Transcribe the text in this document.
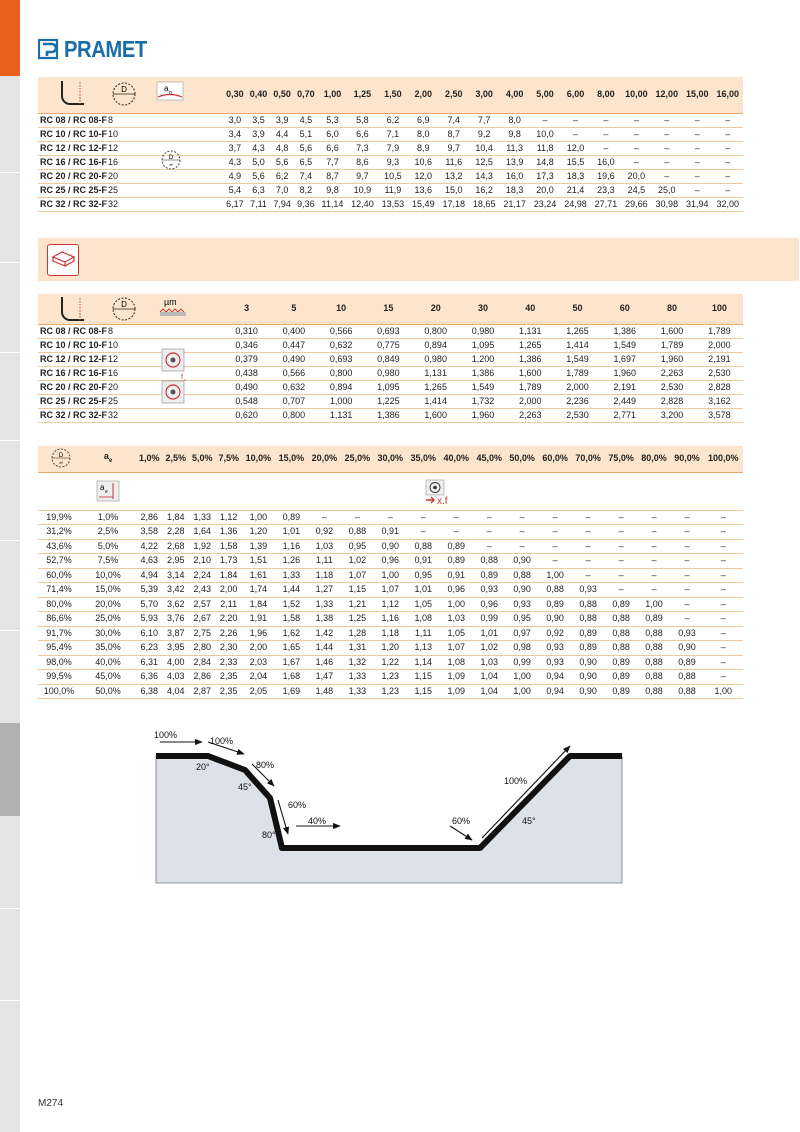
PRAMET
			0,30	0,40	0,50	0,70	1,00	1,25	1,50	2,00	2,50	3,00	4,00	5,00	6,00	8,00	10,00	12,00	15,00	16,00
RC 08 / RC 08-F	8		3,0	3,5	3,9	4,5	5,3	5,8	6,2	6,9	7,4	7,7	8,0	–	–	–	–	–	–	–
RC 10 / RC 10-F	10		3,4	3,9	4,4	5,1	6,0	6,6	7,1	8,0	8,7	9,2	9,8	10,0	–	–	–	–	–	–
RC 12 / RC 12-F	12		3,7	4,3	4,8	5,6	6,6	7,3	7,9	8,9	9,7	10,4	11,3	11,8	12,0	–	–	–	–	–
RC 16 / RC 16-F	16		4,3	5,0	5,6	6,5	7,7	8,6	9,3	10,6	11,6	12,5	13,9	14,8	15,5	16,0	–	–	–	–
RC 20 / RC 20-F	20		4,9	5,6	6,2	7,4	8,7	9,7	10,5	12,0	13,2	14,3	16,0	17,3	18,3	19,6	20,0	–	–	–
RC 25 / RC 25-F	25		5,4	6,3	7,0	8,2	9,8	10,9	11,9	13,6	15,0	16,2	18,3	20,0	21,4	23,3	24,5	25,0	–	–
RC 32 / RC 32-F	32		6,17	7,11	7,94	9,36	11,14	12,40	13,53	15,49	17,18	18,65	21,17	23,24	24,98	27,71	29,66	30,98	31,94	32,00
D	a p
D
ef
			3	5	10	15	20	30	40	50	60	80	100
RC 08 / RC 08-F	8		0,310	0,400	0,566	0,693	0,800	0,980	1,131	1,265	1,386	1,600	1,789
RC 10 / RC 10-F	10		0,346	0,447	0,632	0,775	0,894	1,095	1,265	1,414	1,549	1,789	2,000
RC 12 / RC 12-F	12		0,379	0,490	0,693	0,849	0,980	1,200	1,386	1,549	1,697	1,960	2,191
RC 16 / RC 16-F	16		0,438	0,566	0,800	0,980	1,131	1,386	1,600	1,789	1,960	2,263	2,530
RC 20 / RC 20-F	20		0,490	0,632	0,894	1,095	1,265	1,549	1,789	2,000	2,191	2,530	2,828
RC 25 / RC 25-F	25		0,548	0,707	1,000	1,225	1,414	1,732	2,000	2,236	2,449	2,828	3,162
RC 32 / RC 32-F	32		0,620	0,800	1,131	1,386	1,600	1,960	2,263	2,530	2,771	3,200	3,578
D	µm
f z
	$a_e$	1,0%	2,5%	5,0%	7,5%	10,0%	15,0%	20,0%	25,0%	30,0%	35,0%	40,0%	45,0%	50,0%	60,0%	70,0%	75,0%	80,0%	90,0%	100,0%

19,9%	1,0%	2,86	1,84	1,33	1,12	1,00	0,89	–	–	–	–	–	–	–	–	–	–	–	–	–
31,2%	2,5%	3,58	2,28	1,64	1,36	1,20	1,01	0,92	0,88	0,91	–	–	–	–	–	–	–	–	–	–
43,6%	5,0%	4,22	2,68	1,92	1,58	1,39	1,16	1,03	0,95	0,90	0,88	0,89	–	–	–	–	–	–	–	–
52,7%	7,5%	4,63	2,95	2,10	1,73	1,51	1,26	1,11	1,02	0,96	0,91	0,89	0,88	0,90	–	–	–	–	–	–
60,0%	10,0%	4,94	3,14	2,24	1,84	1,61	1,33	1,18	1,07	1,00	0,95	0,91	0,89	0,88	1,00	–	–	–	–	–
71,4%	15,0%	5,39	3,42	2,43	2,00	1,74	1,44	1,27	1,15	1,07	1,01	0,96	0,93	0,90	0,88	0,93	–	–	–	–
80,0%	20,0%	5,70	3,62	2,57	2,11	1,84	1,52	1,33	1,21	1,12	1,05	1,00	0,96	0,93	0,89	0,88	0,89	1,00	–	–
86,6%	25,0%	5,93	3,76	2,67	2,20	1,91	1,58	1,38	1,25	1,16	1,08	1,03	0,99	0,95	0,90	0,88	0,88	0,89	–	–
91,7%	30,0%	6,10	3,87	2,75	2,26	1,96	1,62	1,42	1,28	1,18	1,11	1,05	1,01	0,97	0,92	0,89	0,88	0,88	0,93	–
95,4%	35,0%	6,23	3,95	2,80	2,30	2,00	1,65	1,44	1,31	1,20	1,13	1,07	1,02	0,98	0,93	0,89	0,88	0,88	0,90	–
98,0%	40,0%	6,31	4,00	2,84	2,33	2,03	1,67	1,46	1,32	1,22	1,14	1,08	1,03	0,99	0,93	0,90	0,89	0,88	0,89	–
99,5%	45,0%	6,36	4,03	2,86	2,35	2,04	1,68	1,47	1,33	1,23	1,15	1,09	1,04	1,00	0,94	0,90	0,89	0,88	0,88	–
100,0%	50,0%	6,38	4,04	2,87	2,35	2,05	1,69	1,48	1,33	1,23	1,15	1,09	1,04	1,00	0,94	0,90	0,89	0,88	0,88	1,00
D
ef
a e
x.f
100%
100%
20°	80%
45°
60%
40%
80°
60%	45°
100%
M274
